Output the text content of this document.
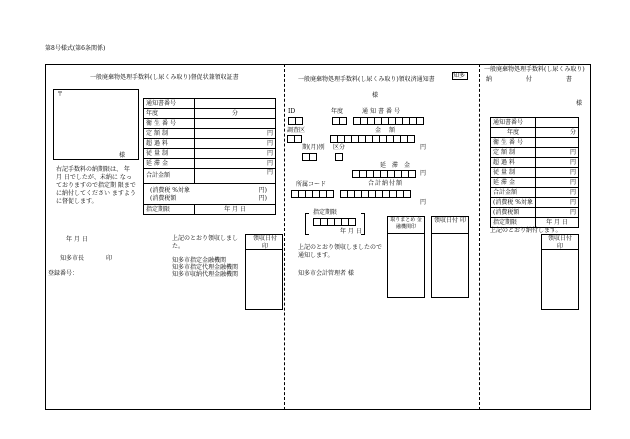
第8号様式(第6条関係)
一般廃棄物処理手数料(し尿くみ取り)督促状兼領収証書
〒
様
右記手数料の納期限は、 年 月 日でしたが、未納に なっておりますので指定期 限までに納付してください ますように督促します。
通知書番号	
年度	分
衛生番号	
定額制	円
超過料	円
従量制	円
延滞金	円
合計金額	円

(消費税 %対象 円)
(消費税額 円)	

指定期限	年 月 日
年 月 日
知多市長	印
登録番号：
上記のとおり領収しました。
知多市指定金融機関
知多市指定代理金融機関
知多市収納代理金融機関
領収日付 印
一般廃棄物処理手数料(し尿くみ取り)領収済通知書
知多
様
ID	年度	通知書番号
調査区	金額
円
期(月)別 区分
延滞金
円
所属コード	合計納付額
円
指定期限
年 月 日
上記のとおり領収しましたので通知します。
知多市会計管理者 様
取りまとめ 金融機関印
領収日付 印
一般廃棄物処理手数料(し尿くみ取り)
納 付 書
様
通知書番号	
年度	分
衛生番号	
定額制	円
超過料	円
従量制	円
延滞金	円
合計金額	円
(消費税 %対象	円
(消費税額	円
指定期限	年 月 日
上記のとおり納付します。
領収日付 印
